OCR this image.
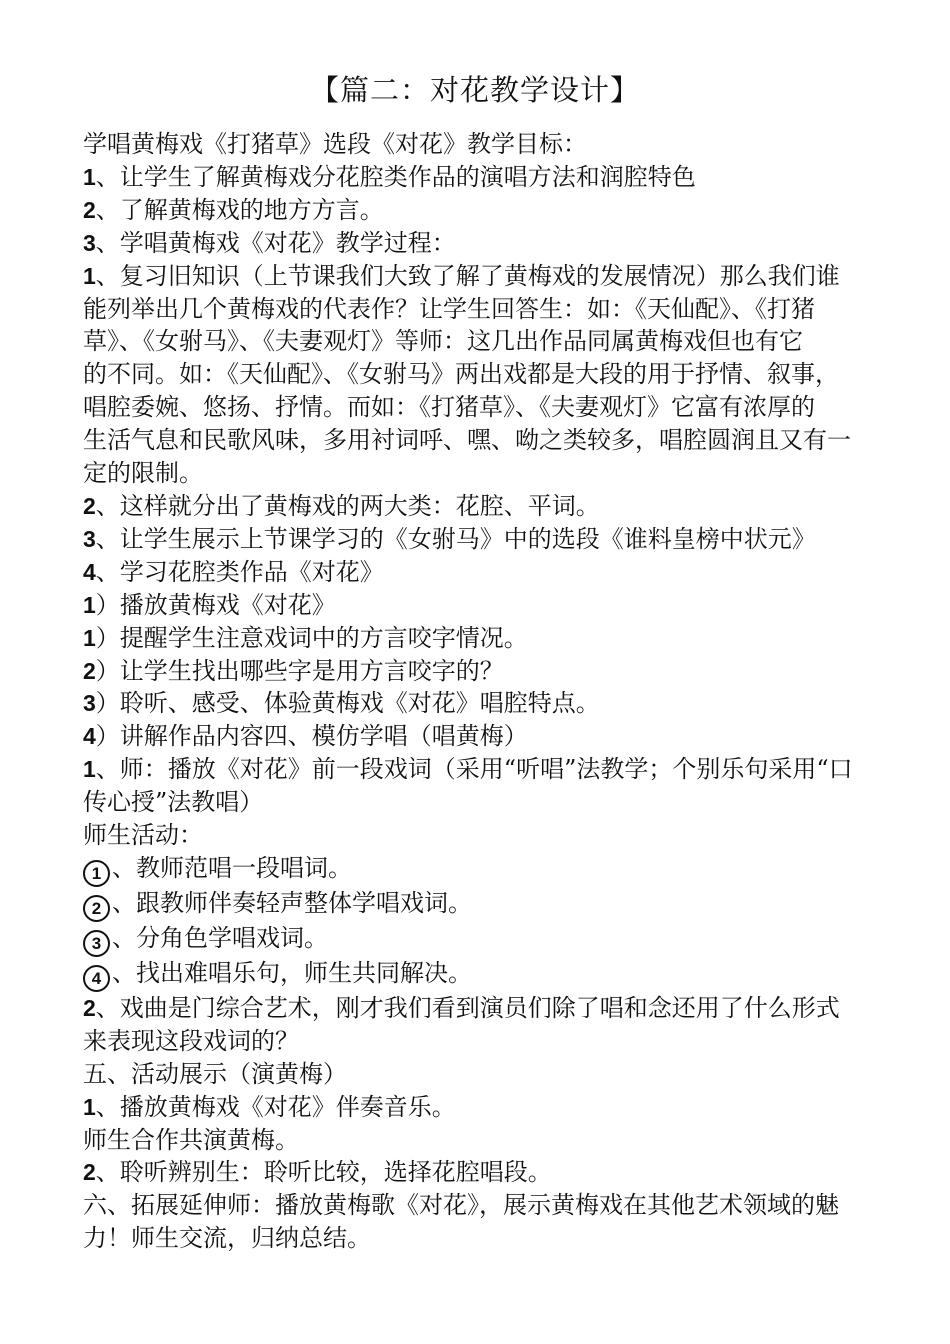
【篇二：对花教学设计】

学唱黄梅戏《打猪草》选段《对花》教学目标：

1、让学生了解黄梅戏分花腔类作品的演唱方法和润腔特色

2、了解黄梅戏的地方方言。

3、学唱黄梅戏《对花》教学过程：

1、复习旧知识（上节课我们大致了解了黄梅戏的发展情况）那么我们谁

能列举出几个黄梅戏的代表作？让学生回答生：如：《天仙配》、《打猪

草》、《女驸马》、《夫妻观灯》等师：这几出作品同属黄梅戏但也有它

的不同。如：《天仙配》、《女驸马》两出戏都是大段的用于抒情、叙事，

唱腔委婉、悠扬、抒情。而如：《打猪草》、《夫妻观灯》它富有浓厚的

生活气息和民歌风味，多用衬词呼、嘿、呦之类较多，唱腔圆润且又有一

定的限制。

2、这样就分出了黄梅戏的两大类：花腔、平词。

3、让学生展示上节课学习的《女驸马》中的选段《谁料皇榜中状元》

4、学习花腔类作品《对花》

1）播放黄梅戏《对花》

1）提醒学生注意戏词中的方言咬字情况。

2）让学生找出哪些字是用方言咬字的？

3）聆听、感受、体验黄梅戏《对花》唱腔特点。

4）讲解作品内容四、模仿学唱（唱黄梅）

1、师：播放《对花》前一段戏词（采用“听唱”法教学；个别乐句采用“口

传心授”法教唱）

师生活动：

1 、教师范唱一段唱词。

2 、跟教师伴奏轻声整体学唱戏词。

3 、分角色学唱戏词。

4 、找出难唱乐句，师生共同解决。

2、戏曲是门综合艺术，刚才我们看到演员们除了唱和念还用了什么形式

来表现这段戏词的？

五、活动展示（演黄梅）

1、播放黄梅戏《对花》伴奏音乐。

师生合作共演黄梅。

2、聆听辨别生：聆听比较，选择花腔唱段。

六、拓展延伸师：播放黄梅歌《对花》，展示黄梅戏在其他艺术领域的魅

力！师生交流，归纳总结。
